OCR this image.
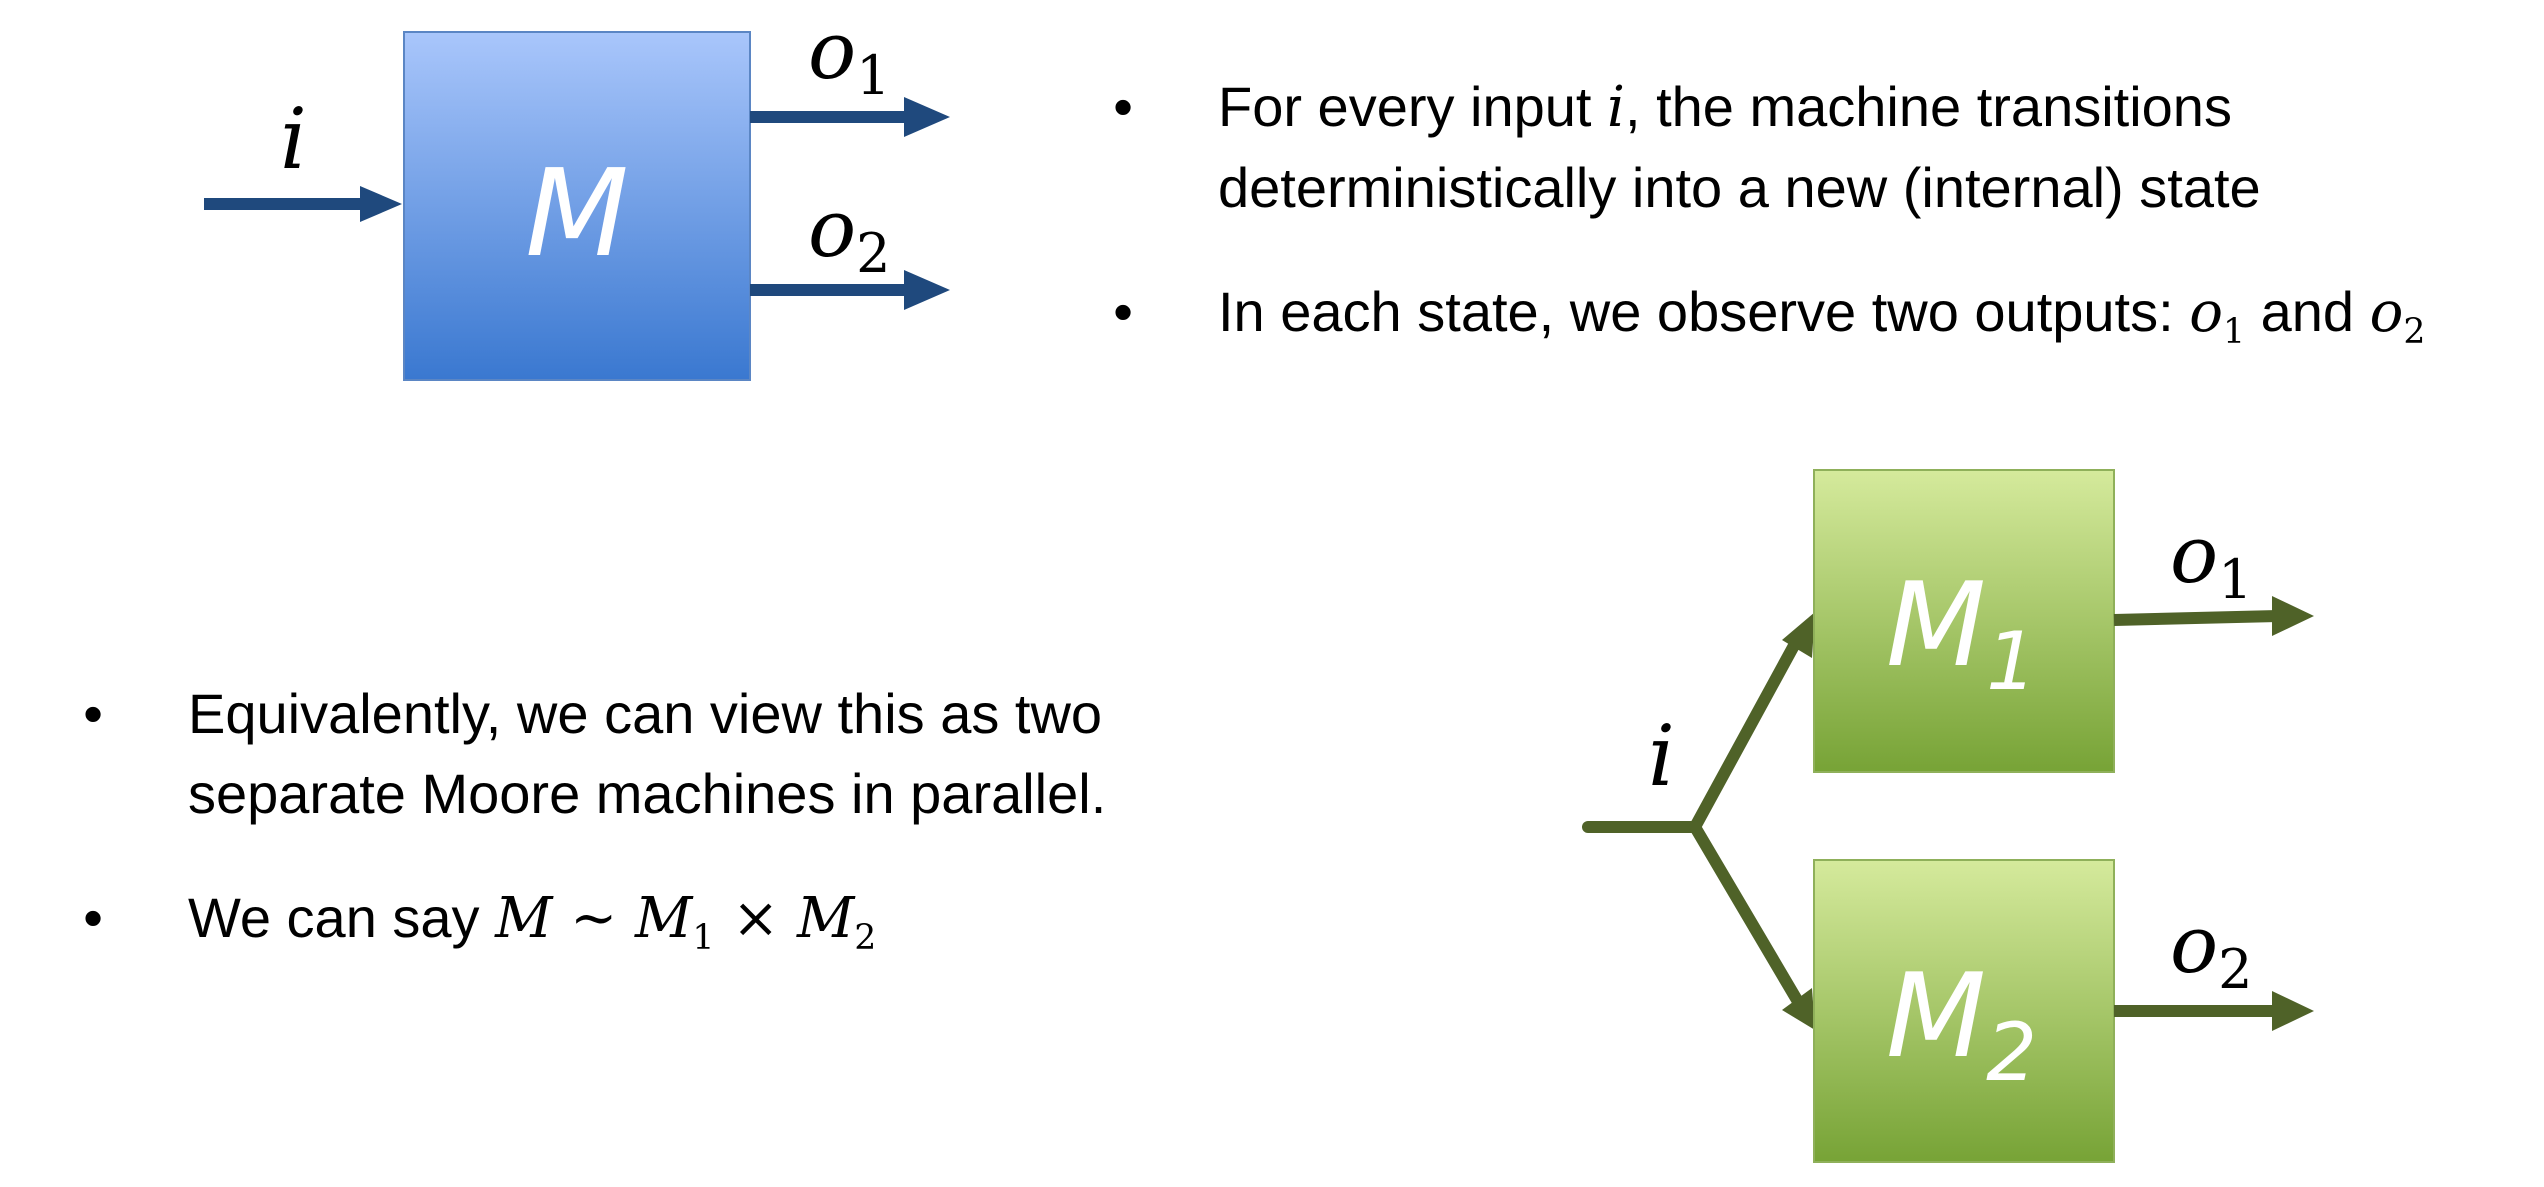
i
M
$o_1$
$o_2$
• For every input i, the machine transitions
deterministically into a new (internal) state
• In each state, we observe two outputs: $o_1$ and $o_2$
• Equivalently, we can view this as two
separate Moore machines in parallel.
• We can say M ~ $M_1 \times M_2$
i
$M_1$
$M_2$
$o_1$
$o_2$
